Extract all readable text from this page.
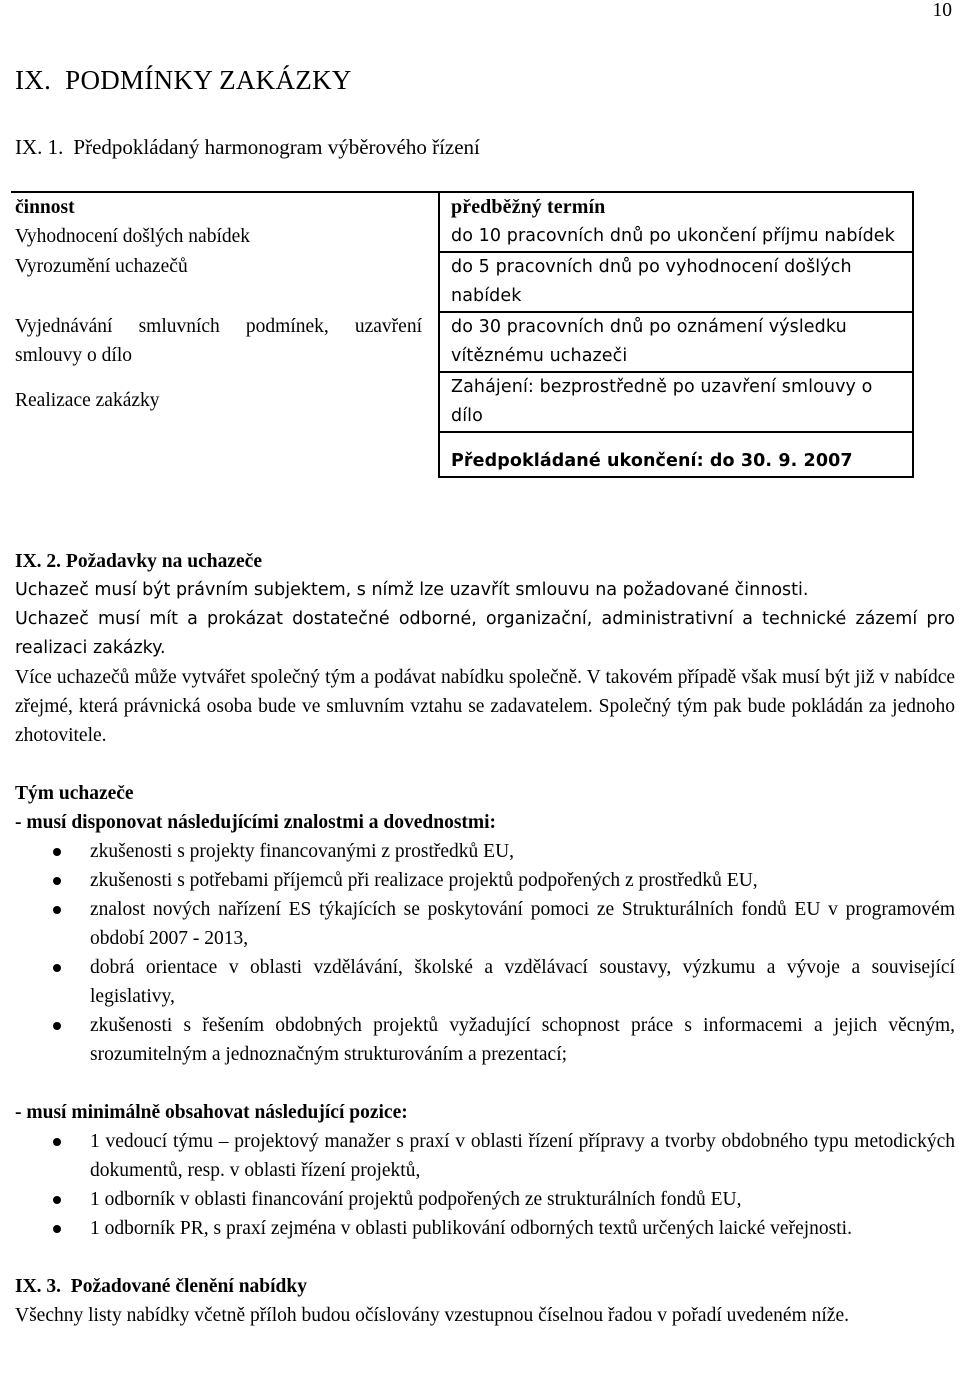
10
IX. PODMÍNKY ZAKÁZKY
IX. 1. Předpokládaný harmonogram výběrového řízení
činnost	předběžný termín
Vyhodnocení došlých nabídek	do 10 pracovních dnů po ukončení příjmu nabídek
Vyrozumění uchazečů	do 5 pracovních dnů po vyhodnocení došlých nabídek
Vyjednávání smluvních podmínek, uzavření smlouvy o dílo	do 30 pracovních dnů po oznámení výsledku vítěznému uchazeči
Realizace zakázky	Zahájení: bezprostředně po uzavření smlouvy o dílo
	Předpokládané ukončení: do 30. 9. 2007
IX. 2. Požadavky na uchazeče
Uchazeč musí být právním subjektem, s nímž lze uzavřít smlouvu na požadované činnosti.
Uchazeč musí mít a prokázat dostatečné odborné, organizační, administrativní a technické zázemí pro realizaci zakázky.
Více uchazečů může vytvářet společný tým a podávat nabídku společně. V takovém případě však musí být již v nabídce zřejmé, která právnická osoba bude ve smluvním vztahu se zadavatelem. Společný tým pak bude pokládán za jednoho zhotovitele.
Tým uchazeče
- musí disponovat následujícími znalostmi a dovednostmi:
zkušenosti s projekty financovanými z prostředků EU,
zkušenosti s potřebami příjemců při realizace projektů podpořených z prostředků EU,
znalost nových nařízení ES týkajících se poskytování pomoci ze Strukturálních fondů EU v programovém období 2007 - 2013,
dobrá orientace v oblasti vzdělávání, školské a vzdělávací soustavy, výzkumu a vývoje a související legislativy,
zkušenosti s řešením obdobných projektů vyžadující schopnost práce s informacemi a jejich věcným, srozumitelným a jednoznačným strukturováním a prezentací;
- musí minimálně obsahovat následující pozice:
1 vedoucí týmu – projektový manažer s praxí v oblasti řízení přípravy a tvorby obdobného typu metodických dokumentů, resp. v oblasti řízení projektů,
1 odborník v oblasti financování projektů podpořených ze strukturálních fondů EU,
1 odborník PR, s praxí zejména v oblasti publikování odborných textů určených laické veřejnosti.
IX. 3. Požadované členění nabídky
Všechny listy nabídky včetně příloh budou očíslovány vzestupnou číselnou řadou v pořadí uvedeném níže.
